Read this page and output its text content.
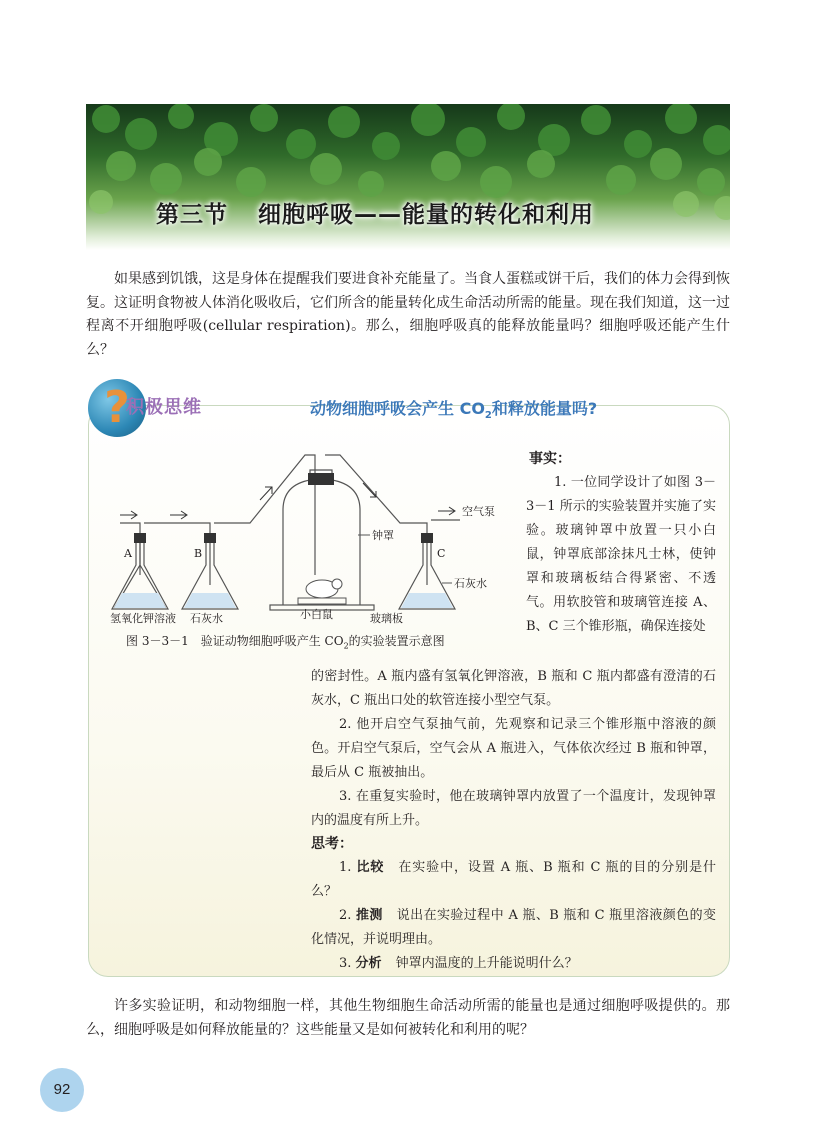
第三节 细胞呼吸——能量的转化和利用

如果感到饥饿，这是身体在提醒我们要进食补充能量了。当食人蛋糕或饼干后，我们的体力会得到恢复。这证明食物被人体消化吸收后，它们所含的能量转化成生命活动所需的能量。现在我们知道，这一过程离不开细胞呼吸(cellular respiration)。那么，细胞呼吸真的能释放能量吗？细胞呼吸还能产生什么？

?
积极思维	动物细胞呼吸会产生 $CO_2$和释放能量吗?
空气泵
钟罩
A	B	C
石灰水
氢氧化钾溶液 石灰水	小白鼠	玻璃板
图 3－3－1　验证动物细胞呼吸产生 $CO_2$的实验装置示意图
事实：

1. 一位同学设计了如图 3－3－1 所示的实验装置并实施了实验。玻璃钟罩中放置一只小白鼠，钟罩底部涂抹凡士林，使钟罩和玻璃板结合得紧密、不透气。用软胶管和玻璃管连接 A、B、C 三个锥形瓶，确保连接处

的密封性。A 瓶内盛有氢氧化钾溶液，B 瓶和 C 瓶内都盛有澄清的石灰水，C 瓶出口处的软管连接小型空气泵。

2. 他开启空气泵抽气前，先观察和记录三个锥形瓶中溶液的颜色。开启空气泵后，空气会从 A 瓶进入，气体依次经过 B 瓶和钟罩，最后从 C 瓶被抽出。

3. 在重复实验时，他在玻璃钟罩内放置了一个温度计，发现钟罩内的温度有所上升。

思考：

1. 比较 在实验中，设置 A 瓶、B 瓶和 C 瓶的目的分别是什么？

2. 推测 说出在实验过程中 A 瓶、B 瓶和 C 瓶里溶液颜色的变化情况，并说明理由。

3. 分析 钟罩内温度的上升能说明什么？

许多实验证明，和动物细胞一样，其他生物细胞生命活动所需的能量也是通过细胞呼吸提供的。那么，细胞呼吸是如何释放能量的？这些能量又是如何被转化和利用的呢？

92
